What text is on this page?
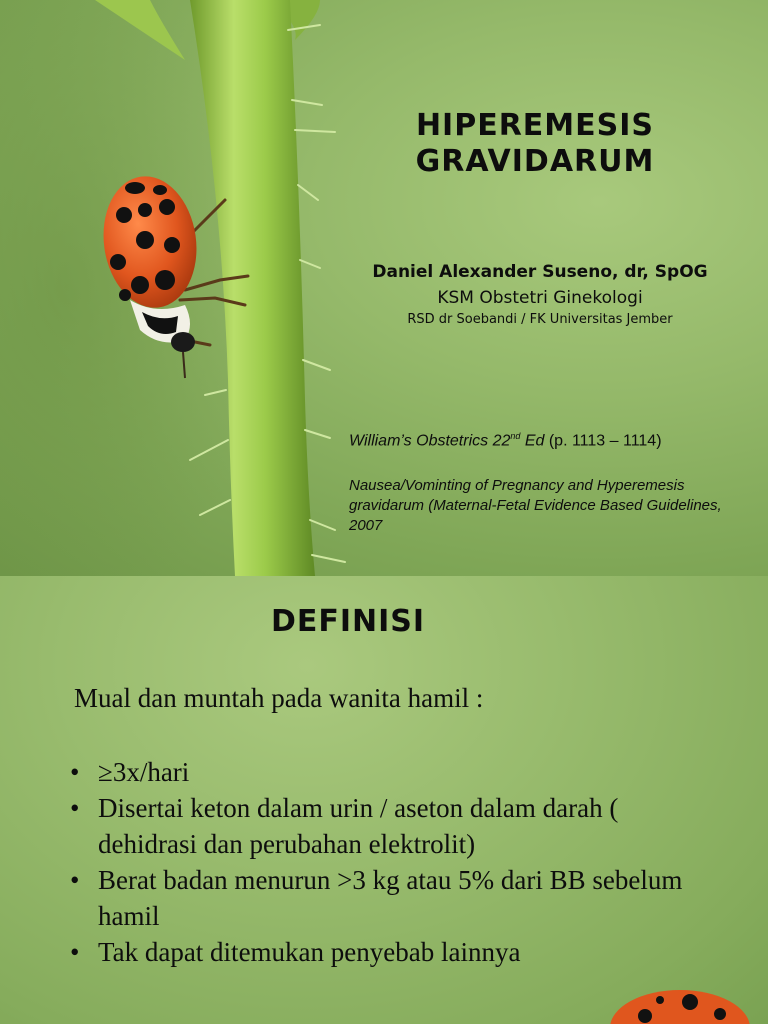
HIPEREMESIS
GRAVIDARUM
Daniel Alexander Suseno, dr, SpOG
KSM Obstetri Ginekologi
RSD dr Soebandi / FK Universitas Jember
William’s Obstetrics 22nd Ed (p. 1113 – 1114)
Nausea/Vominting of Pregnancy and Hyperemesis gravidarum (Maternal-Fetal Evidence Based Guidelines, 2007
DEFINISI
Mual dan muntah pada wanita hamil :
• ≥3x/hari
• Disertai keton dalam urin / aseton dalam darah ( dehidrasi dan perubahan elektrolit)
• Berat badan menurun >3 kg atau 5% dari BB sebelum hamil
• Tak dapat ditemukan penyebab lainnya
